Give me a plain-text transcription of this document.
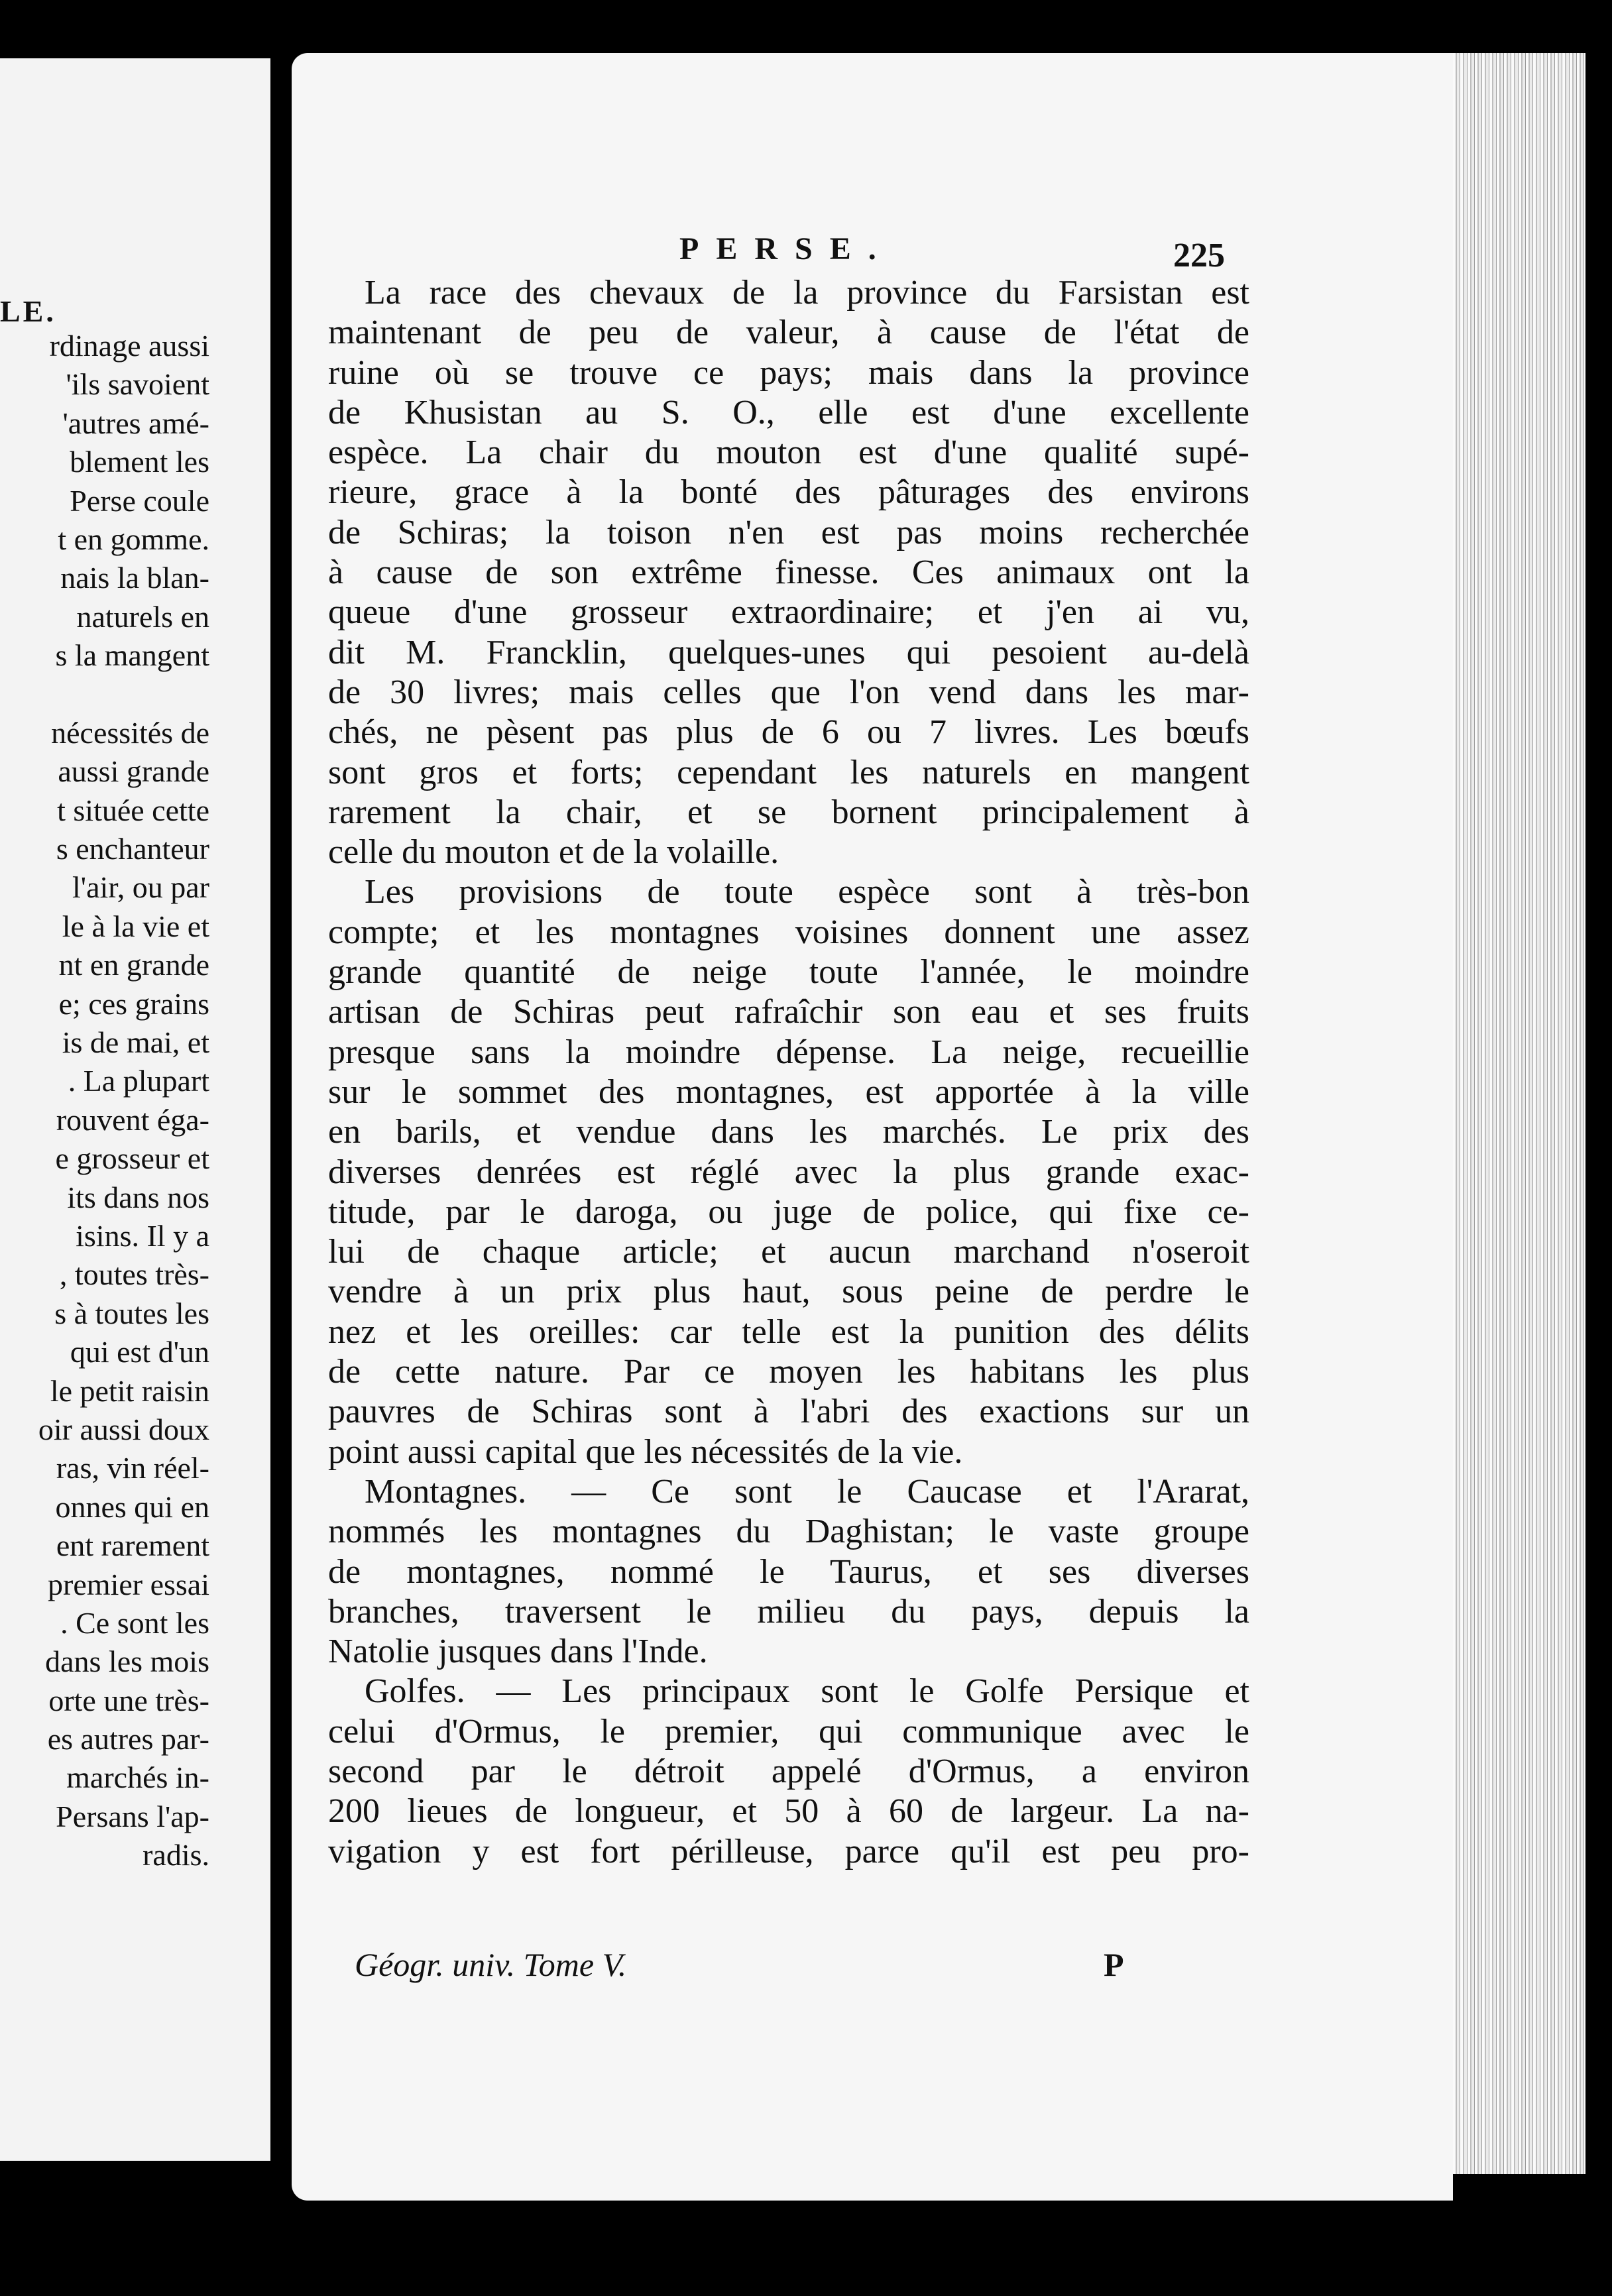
LE.
rdinage aussi
'ils savoient
'autres amé-
blement les
Perse coule
t en gomme.
nais la blan-
naturels en
s la mangent
nécessités de
aussi grande
t située cette
s enchanteur
l'air, ou par
le à la vie et
nt en grande
e; ces grains
is de mai, et
. La plupart
rouvent éga-
e grosseur et
its dans nos
isins. Il y a
, toutes très-
s à toutes les
qui est d'un
le petit raisin
oir aussi doux
ras, vin réel-
onnes qui en
ent rarement
premier essai
. Ce sont les
dans les mois
orte une très-
es autres par-
marchés in-
Persans l'ap-
radis.
PERSE.	225
La race des chevaux de la province du Farsistan est
maintenant de peu de valeur, à cause de l'état de
ruine où se trouve ce pays; mais dans la province
de Khusistan au S. O., elle est d'une excellente
espèce. La chair du mouton est d'une qualité supé-
rieure, grace à la bonté des pâturages des environs
de Schiras; la toison n'en est pas moins recherchée
à cause de son extrême finesse. Ces animaux ont la
queue d'une grosseur extraordinaire; et j'en ai vu,
dit M. Francklin, quelques-unes qui pesoient au-delà
de 30 livres; mais celles que l'on vend dans les mar-
chés, ne pèsent pas plus de 6 ou 7 livres. Les bœufs
sont gros et forts; cependant les naturels en mangent
rarement la chair, et se bornent principalement à
celle du mouton et de la volaille.
Les provisions de toute espèce sont à très-bon
compte; et les montagnes voisines donnent une assez
grande quantité de neige toute l'année, le moindre
artisan de Schiras peut rafraîchir son eau et ses fruits
presque sans la moindre dépense. La neige, recueillie
sur le sommet des montagnes, est apportée à la ville
en barils, et vendue dans les marchés. Le prix des
diverses denrées est réglé avec la plus grande exac-
titude, par le daroga, ou juge de police, qui fixe ce-
lui de chaque article; et aucun marchand n'oseroit
vendre à un prix plus haut, sous peine de perdre le
nez et les oreilles: car telle est la punition des délits
de cette nature. Par ce moyen les habitans les plus
pauvres de Schiras sont à l'abri des exactions sur un
point aussi capital que les nécessités de la vie.
Montagnes. — Ce sont le Caucase et l'Ararat,
nommés les montagnes du Daghistan; le vaste groupe
de montagnes, nommé le Taurus, et ses diverses
branches, traversent le milieu du pays, depuis la
Natolie jusques dans l'Inde.
Golfes. — Les principaux sont le Golfe Persique et
celui d'Ormus, le premier, qui communique avec le
second par le détroit appelé d'Ormus, a environ
200 lieues de longueur, et 50 à 60 de largeur. La na-
vigation y est fort périlleuse, parce qu'il est peu pro-
Géogr. univ. Tome V.	P
